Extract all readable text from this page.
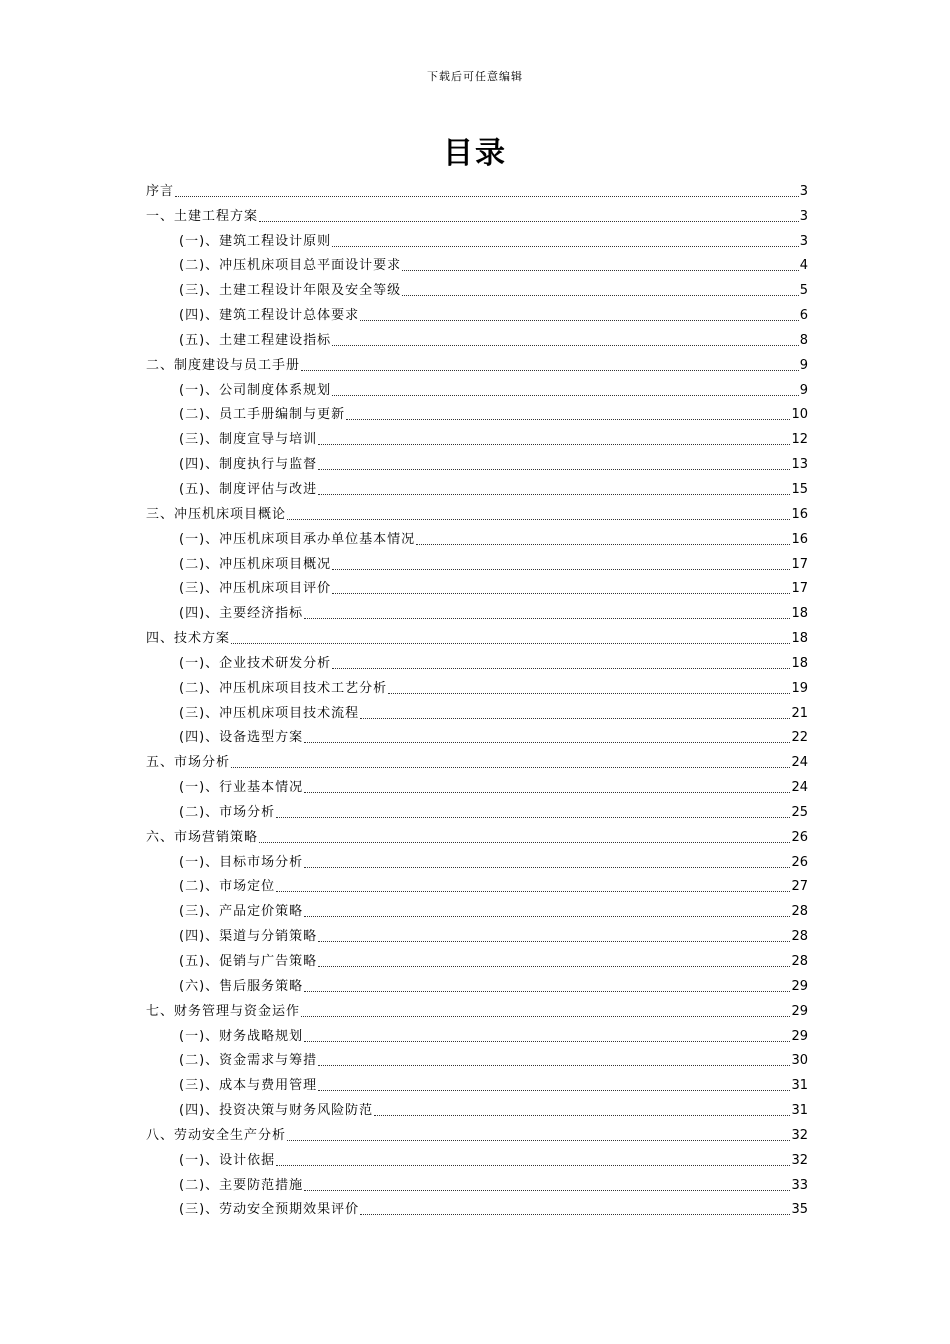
下载后可任意编辑
目录
序言	3
一、土建工程方案	3
(一)、建筑工程设计原则	3
(二)、冲压机床项目总平面设计要求	4
(三)、土建工程设计年限及安全等级	5
(四)、建筑工程设计总体要求	6
(五)、土建工程建设指标	8
二、制度建设与员工手册	9
(一)、公司制度体系规划	9
(二)、员工手册编制与更新	10
(三)、制度宣导与培训	12
(四)、制度执行与监督	13
(五)、制度评估与改进	15
三、冲压机床项目概论	16
(一)、冲压机床项目承办单位基本情况	16
(二)、冲压机床项目概况	17
(三)、冲压机床项目评价	17
(四)、主要经济指标	18
四、技术方案	18
(一)、企业技术研发分析	18
(二)、冲压机床项目技术工艺分析	19
(三)、冲压机床项目技术流程	21
(四)、设备选型方案	22
五、市场分析	24
(一)、行业基本情况	24
(二)、市场分析	25
六、市场营销策略	26
(一)、目标市场分析	26
(二)、市场定位	27
(三)、产品定价策略	28
(四)、渠道与分销策略	28
(五)、促销与广告策略	28
(六)、售后服务策略	29
七、财务管理与资金运作	29
(一)、财务战略规划	29
(二)、资金需求与筹措	30
(三)、成本与费用管理	31
(四)、投资决策与财务风险防范	31
八、劳动安全生产分析	32
(一)、设计依据	32
(二)、主要防范措施	33
(三)、劳动安全预期效果评价	35
